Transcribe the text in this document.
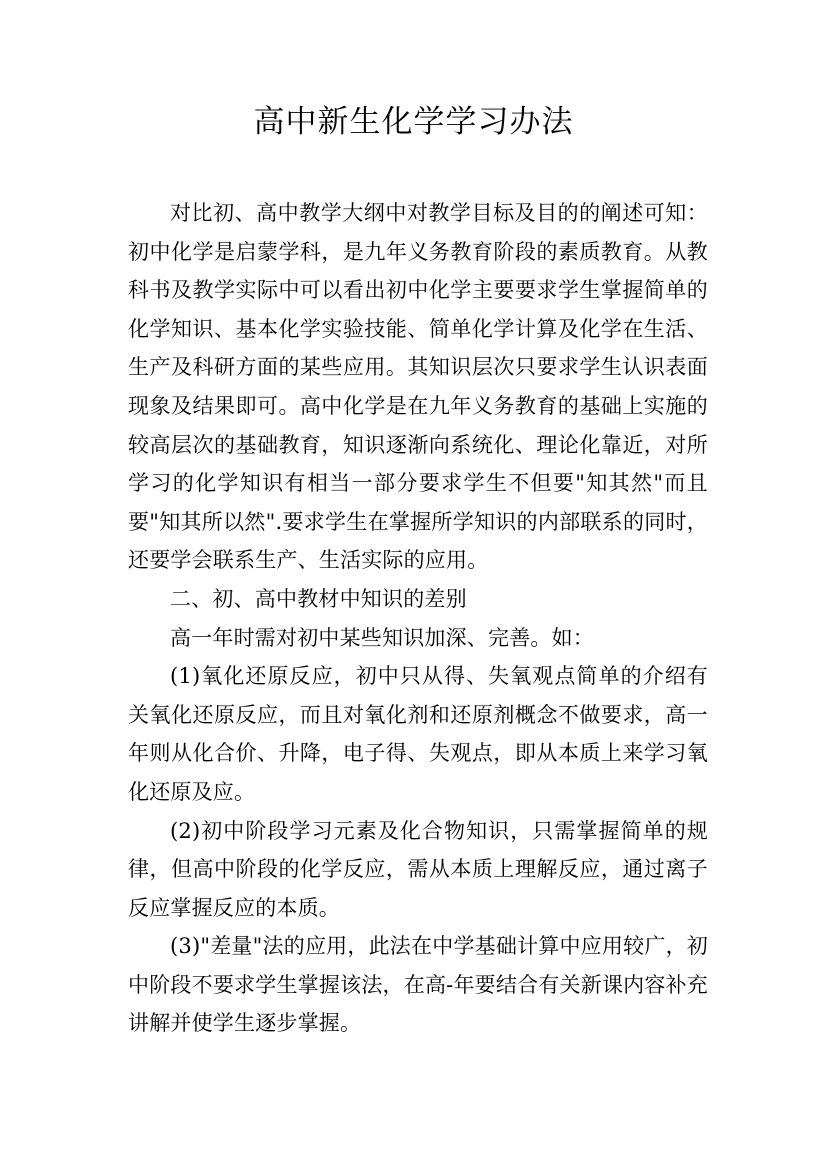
高中新生化学学习办法

对比初、高中教学大纲中对教学目标及目的的阐述可知：初中化学是启蒙学科，是九年义务教育阶段的素质教育。从教科书及教学实际中可以看出初中化学主要要求学生掌握简单的化学知识、基本化学实验技能、简单化学计算及化学在生活、生产及科研方面的某些应用。其知识层次只要求学生认识表面现象及结果即可。高中化学是在九年义务教育的基础上实施的较高层次的基础教育，知识逐渐向系统化、理论化靠近，对所学习的化学知识有相当一部分要求学生不但要"知其然"而且要"知其所以然".要求学生在掌握所学知识的内部联系的同时，还要学会联系生产、生活实际的应用。

二、初、高中教材中知识的差别

高一年时需对初中某些知识加深、完善。如：

(1)氧化还原反应，初中只从得、失氧观点简单的介绍有关氧化还原反应，而且对氧化剂和还原剂概念不做要求，高一年则从化合价、升降，电子得、失观点，即从本质上来学习氧化还原及应。

(2)初中阶段学习元素及化合物知识，只需掌握简单的规律，但高中阶段的化学反应，需从本质上理解反应，通过离子反应掌握反应的本质。

(3)"差量"法的应用，此法在中学基础计算中应用较广，初中阶段不要求学生掌握该法，在高-年要结合有关新课内容补充讲解并使学生逐步掌握。
